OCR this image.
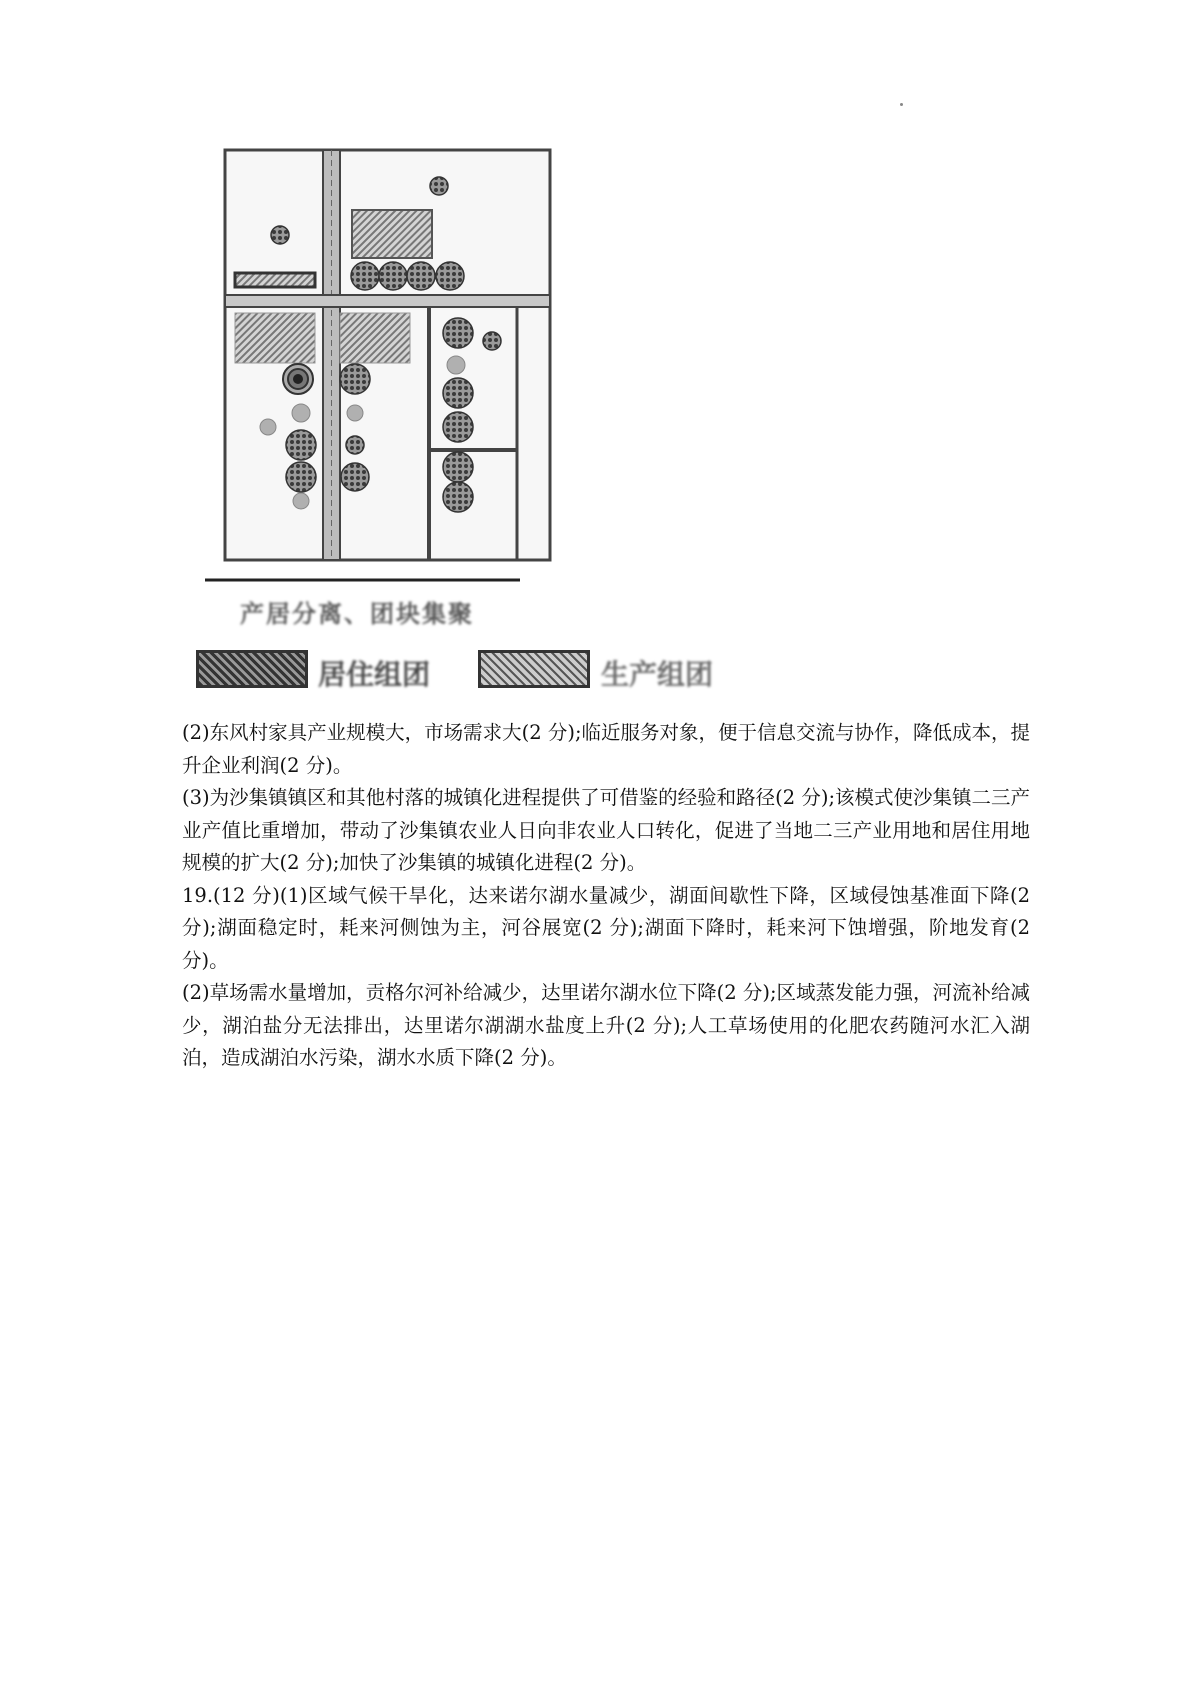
产居分离、团块集聚
居住组团	生产组团

(2)东风村家具产业规模大，市场需求大(2 分);临近服务对象，便于信息交流与协作，降低成本，提升企业利润(2 分)。

(3)为沙集镇镇区和其他村落的城镇化进程提供了可借鉴的经验和路径(2 分);该模式使沙集镇二三产业产值比重增加，带动了沙集镇农业人日向非农业人口转化，促进了当地二三产业用地和居住用地规模的扩大(2 分);加快了沙集镇的城镇化进程(2 分)。

19.(12 分)(1)区域气候干旱化，达来诺尔湖水量减少，湖面间歇性下降，区域侵蚀基准面下降(2 分);湖面稳定时，耗来河侧蚀为主，河谷展宽(2 分);湖面下降时，耗来河下蚀增强，阶地发育(2 分)。

(2)草场需水量增加，贡格尔河补给减少，达里诺尔湖水位下降(2 分);区域蒸发能力强，河流补给减少，湖泊盐分无法排出，达里诺尔湖湖水盐度上升(2 分);人工草场使用的化肥农药随河水汇入湖泊，造成湖泊水污染，湖水水质下降(2 分)。
